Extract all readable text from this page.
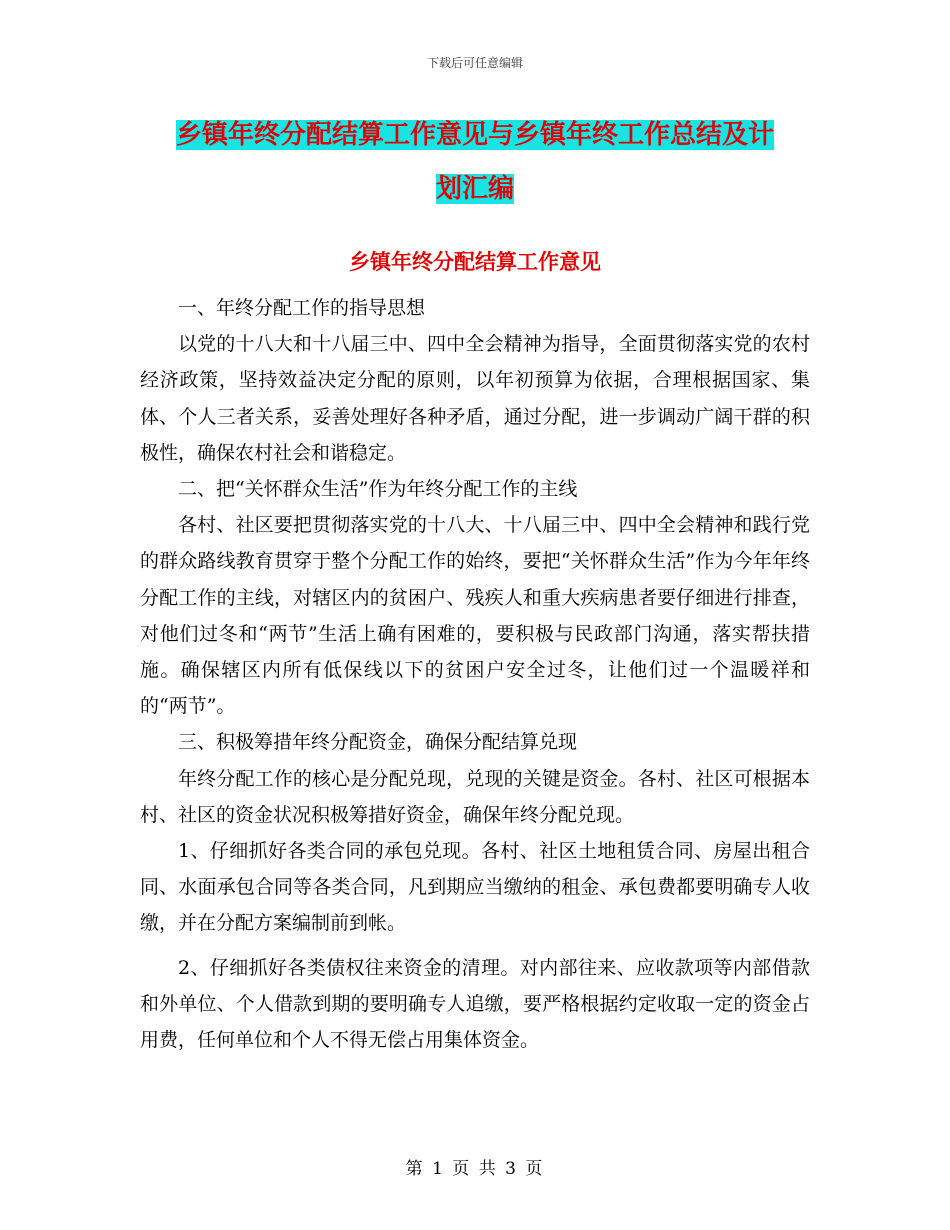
下载后可任意编辑
乡镇年终分配结算工作意见与乡镇年终工作总结及计
划汇编
乡镇年终分配结算工作意见

一、年终分配工作的指导思想

以党的十八大和十八届三中、四中全会精神为指导，全面贯彻落实党的农村经济政策，坚持效益决定分配的原则，以年初预算为依据，合理根据国家、集体、个人三者关系，妥善处理好各种矛盾，通过分配，进一步调动广阔干群的积极性，确保农村社会和谐稳定。

二、把“关怀群众生活”作为年终分配工作的主线

各村、社区要把贯彻落实党的十八大、十八届三中、四中全会精神和践行党的群众路线教育贯穿于整个分配工作的始终，要把“关怀群众生活”作为今年年终分配工作的主线，对辖区内的贫困户、残疾人和重大疾病患者要仔细进行排查，对他们过冬和“两节”生活上确有困难的，要积极与民政部门沟通，落实帮扶措施。确保辖区内所有低保线以下的贫困户安全过冬，让他们过一个温暖祥和的“两节”。

三、积极筹措年终分配资金，确保分配结算兑现

年终分配工作的核心是分配兑现，兑现的关键是资金。各村、社区可根据本村、社区的资金状况积极筹措好资金，确保年终分配兑现。

1、仔细抓好各类合同的承包兑现。各村、社区土地租赁合同、房屋出租合同、水面承包合同等各类合同，凡到期应当缴纳的租金、承包费都要明确专人收缴，并在分配方案编制前到帐。

2、仔细抓好各类债权往来资金的清理。对内部往来、应收款项等内部借款和外单位、个人借款到期的要明确专人追缴，要严格根据约定收取一定的资金占用费，任何单位和个人不得无偿占用集体资金。

第 1 页 共 3 页
